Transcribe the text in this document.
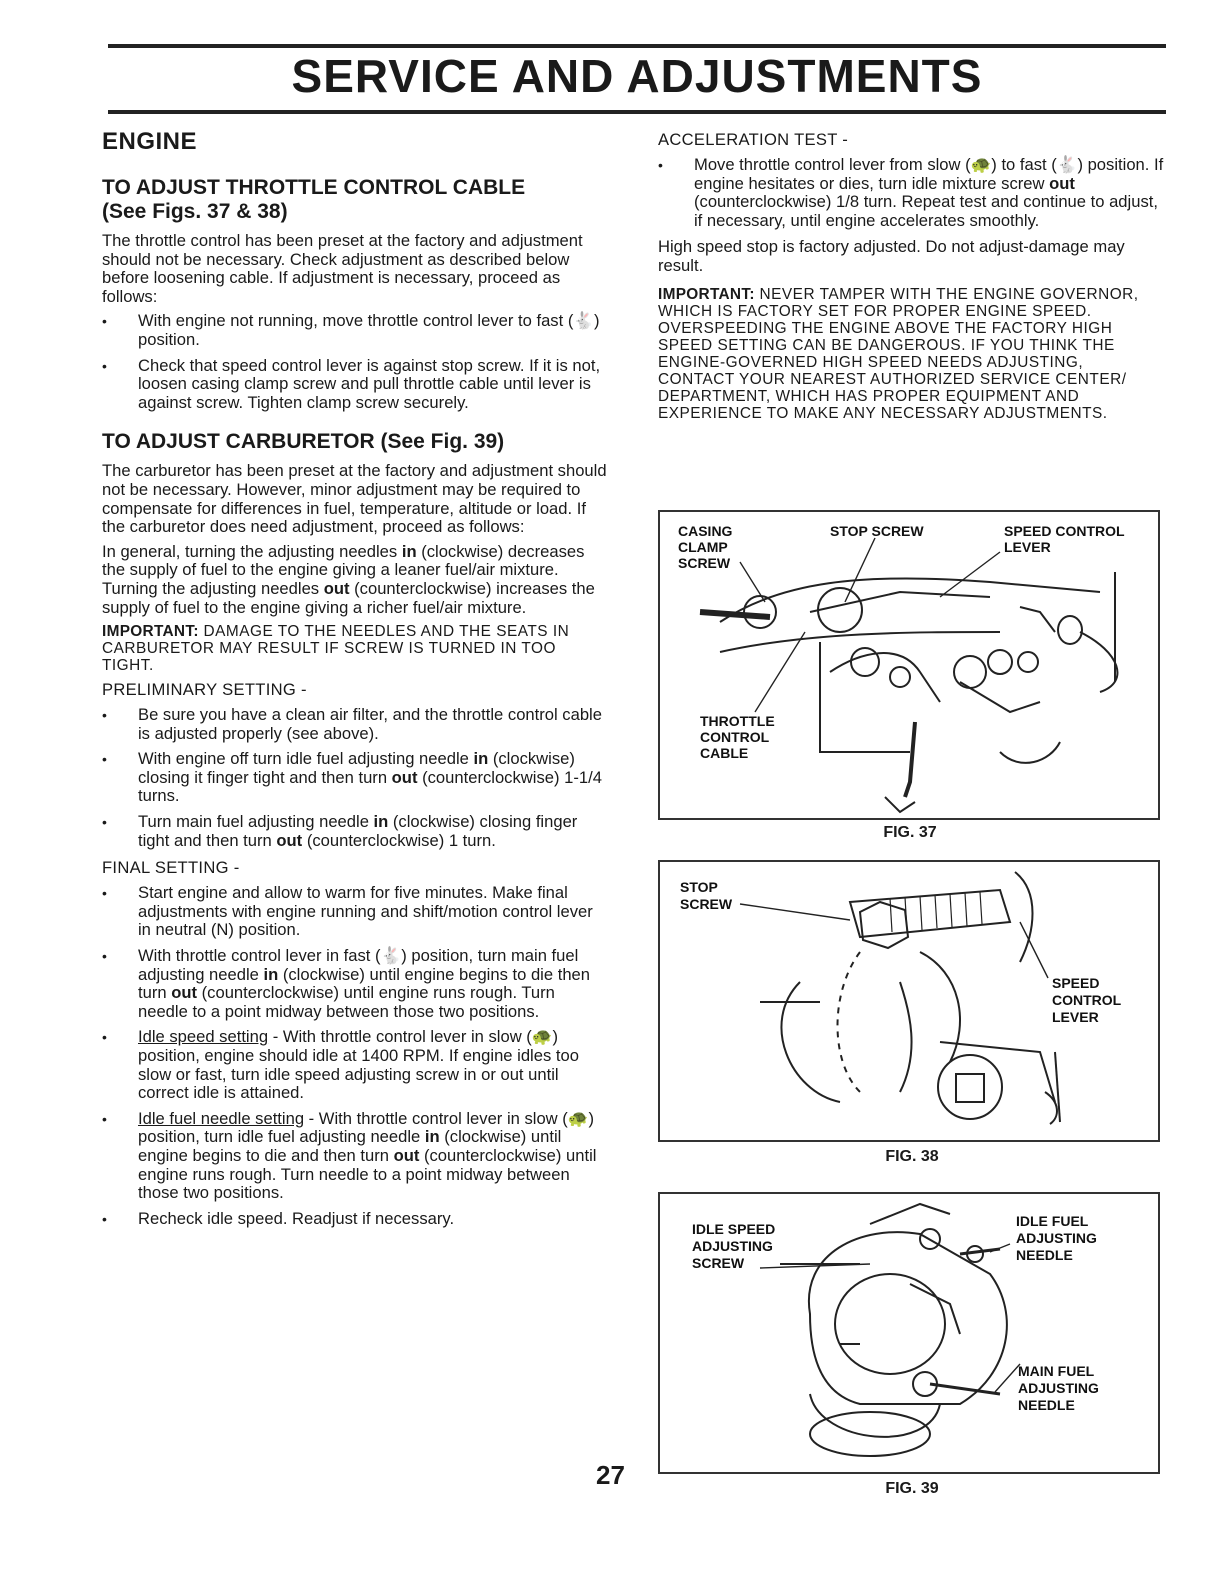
SERVICE AND ADJUSTMENTS
ENGINE
TO ADJUST THROTTLE CONTROL CABLE
(See Figs. 37 & 38)

The throttle control has been preset at the factory and adjustment should not be necessary. Check adjustment as described below before loosening cable. If adjustment is necessary, proceed as follows:

• With engine not running, move throttle control lever to fast (🐇) position.
• Check that speed control lever is against stop screw. If it is not, loosen casing clamp screw and pull throttle cable until lever is against screw. Tighten clamp screw securely.
TO ADJUST CARBURETOR (See Fig. 39)

The carburetor has been preset at the factory and adjustment should not be necessary. However, minor adjustment may be required to compensate for differences in fuel, temperature, altitude or load. If the carburetor does need adjustment, proceed as follows:

In general, turning the adjusting needles in (clockwise) decreases the supply of fuel to the engine giving a leaner fuel/air mixture. Turning the adjusting needles out (counterclockwise) increases the supply of fuel to the engine giving a richer fuel/air mixture.

IMPORTANT: DAMAGE TO THE NEEDLES AND THE SEATS IN CARBURETOR MAY RESULT IF SCREW IS TURNED IN TOO TIGHT.

PRELIMINARY SETTING -
• Be sure you have a clean air filter, and the throttle control cable is adjusted properly (see above).
• With engine off turn idle fuel adjusting needle in (clockwise) closing it finger tight and then turn out (counterclockwise) 1-1/4 turns.
• Turn main fuel adjusting needle in (clockwise) closing finger tight and then turn out (counterclockwise) 1 turn.
FINAL SETTING -
• Start engine and allow to warm for five minutes. Make final adjustments with engine running and shift/motion control lever in neutral (N) position.
• With throttle control lever in fast (🐇) position, turn main fuel adjusting needle in (clockwise) until engine begins to die then turn out (counterclockwise) until engine runs rough. Turn needle to a point midway between those two positions.
• Idle speed setting - With throttle control lever in slow (🐢) position, engine should idle at 1400 RPM. If engine idles too slow or fast, turn idle speed adjusting screw in or out until correct idle is attained.
• Idle fuel needle setting - With throttle control lever in slow (🐢) position, turn idle fuel adjusting needle in (clockwise) until engine begins to die and then turn out (counterclockwise) until engine runs rough. Turn needle to a point midway between those two positions.
• Recheck idle speed. Readjust if necessary.
ACCELERATION TEST -
• Move throttle control lever from slow (🐢) to fast (🐇) position. If engine hesitates or dies, turn idle mixture screw out (counterclockwise) 1/8 turn. Repeat test and continue to adjust, if necessary, until engine accelerates smoothly.

High speed stop is factory adjusted. Do not adjust-damage may result.

IMPORTANT: NEVER TAMPER WITH THE ENGINE GOVERNOR, WHICH IS FACTORY SET FOR PROPER ENGINE SPEED. OVERSPEEDING THE ENGINE ABOVE THE FACTORY HIGH SPEED SETTING CAN BE DANGEROUS. IF YOU THINK THE ENGINE-GOVERNED HIGH SPEED NEEDS ADJUSTING, CONTACT YOUR NEAREST AUTHORIZED SERVICE CENTER/ DEPARTMENT, WHICH HAS PROPER EQUIPMENT AND EXPERIENCE TO MAKE ANY NECESSARY ADJUSTMENTS.

CASING
CLAMP
SCREW
STOP SCREW	SPEED CONTROL
LEVER
THROTTLE
CONTROL
CABLE
FIG. 37
STOP
SCREW
SPEED
CONTROL
LEVER
FIG. 38
IDLE SPEED
ADJUSTING
SCREW
IDLE FUEL
ADJUSTING
NEEDLE
MAIN FUEL
ADJUSTING
NEEDLE
FIG. 39
27
